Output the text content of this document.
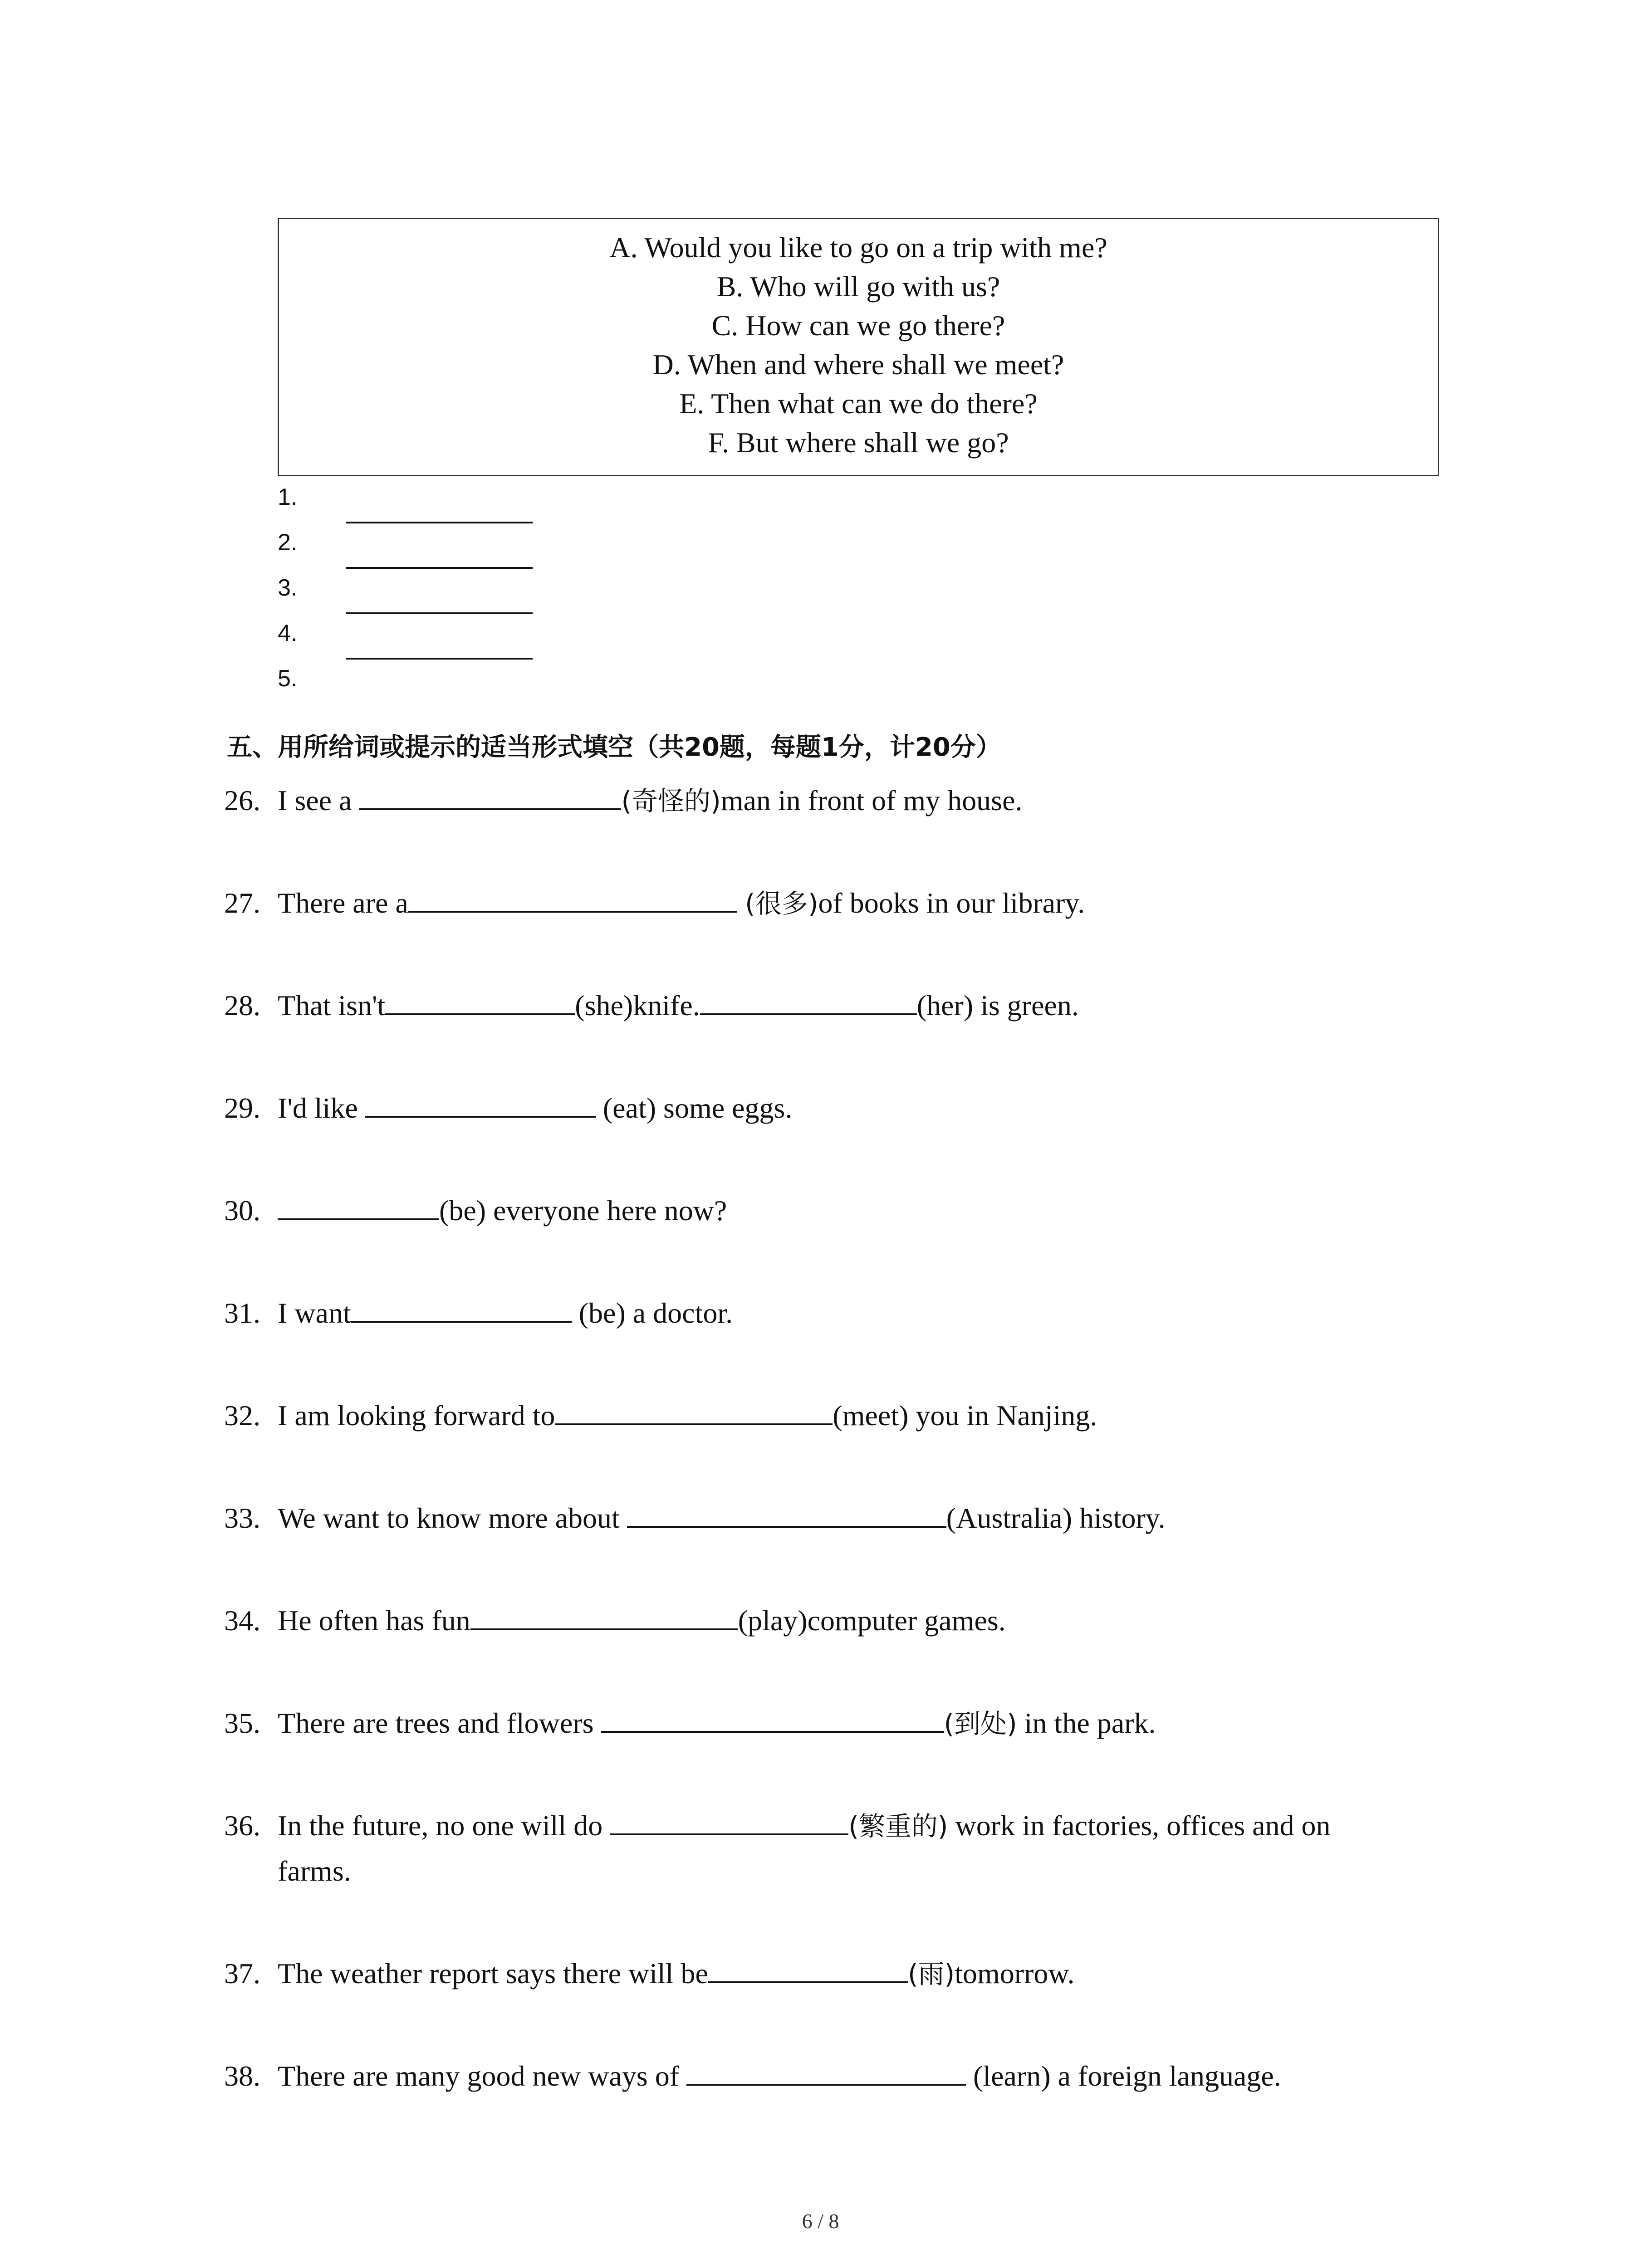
A. Would you like to go on a trip with me?
B. Who will go with us?
C. How can we go there?
D. When and where shall we meet?
E. Then what can we do there?
F. But where shall we go?
1.
2.
3.
4.
5.
五、用所给词或提示的适当形式填空（共20题，每题1分，计20分）
26. I see a	(奇怪的)man in front of my house.
27. There are a	(很多)of books in our library.
28. That isn't	(she)knife.	(her) is green.
29. I'd like	(eat) some eggs.
30.	(be) everyone here now?
31. I want	(be) a doctor.
32. I am looking forward to	(meet) you in Nanjing.
33. We want to know more about	(Australia) history.
34. He often has fun	(play)computer games.
35. There are trees and flowers	(到处) in the park.
36. In the future, no one will do	(繁重的) work in factories, offices and on
farms.
37. The weather report says there will be	(雨)tomorrow.
38. There are many good new ways of	(learn) a foreign language.
6 / 8
